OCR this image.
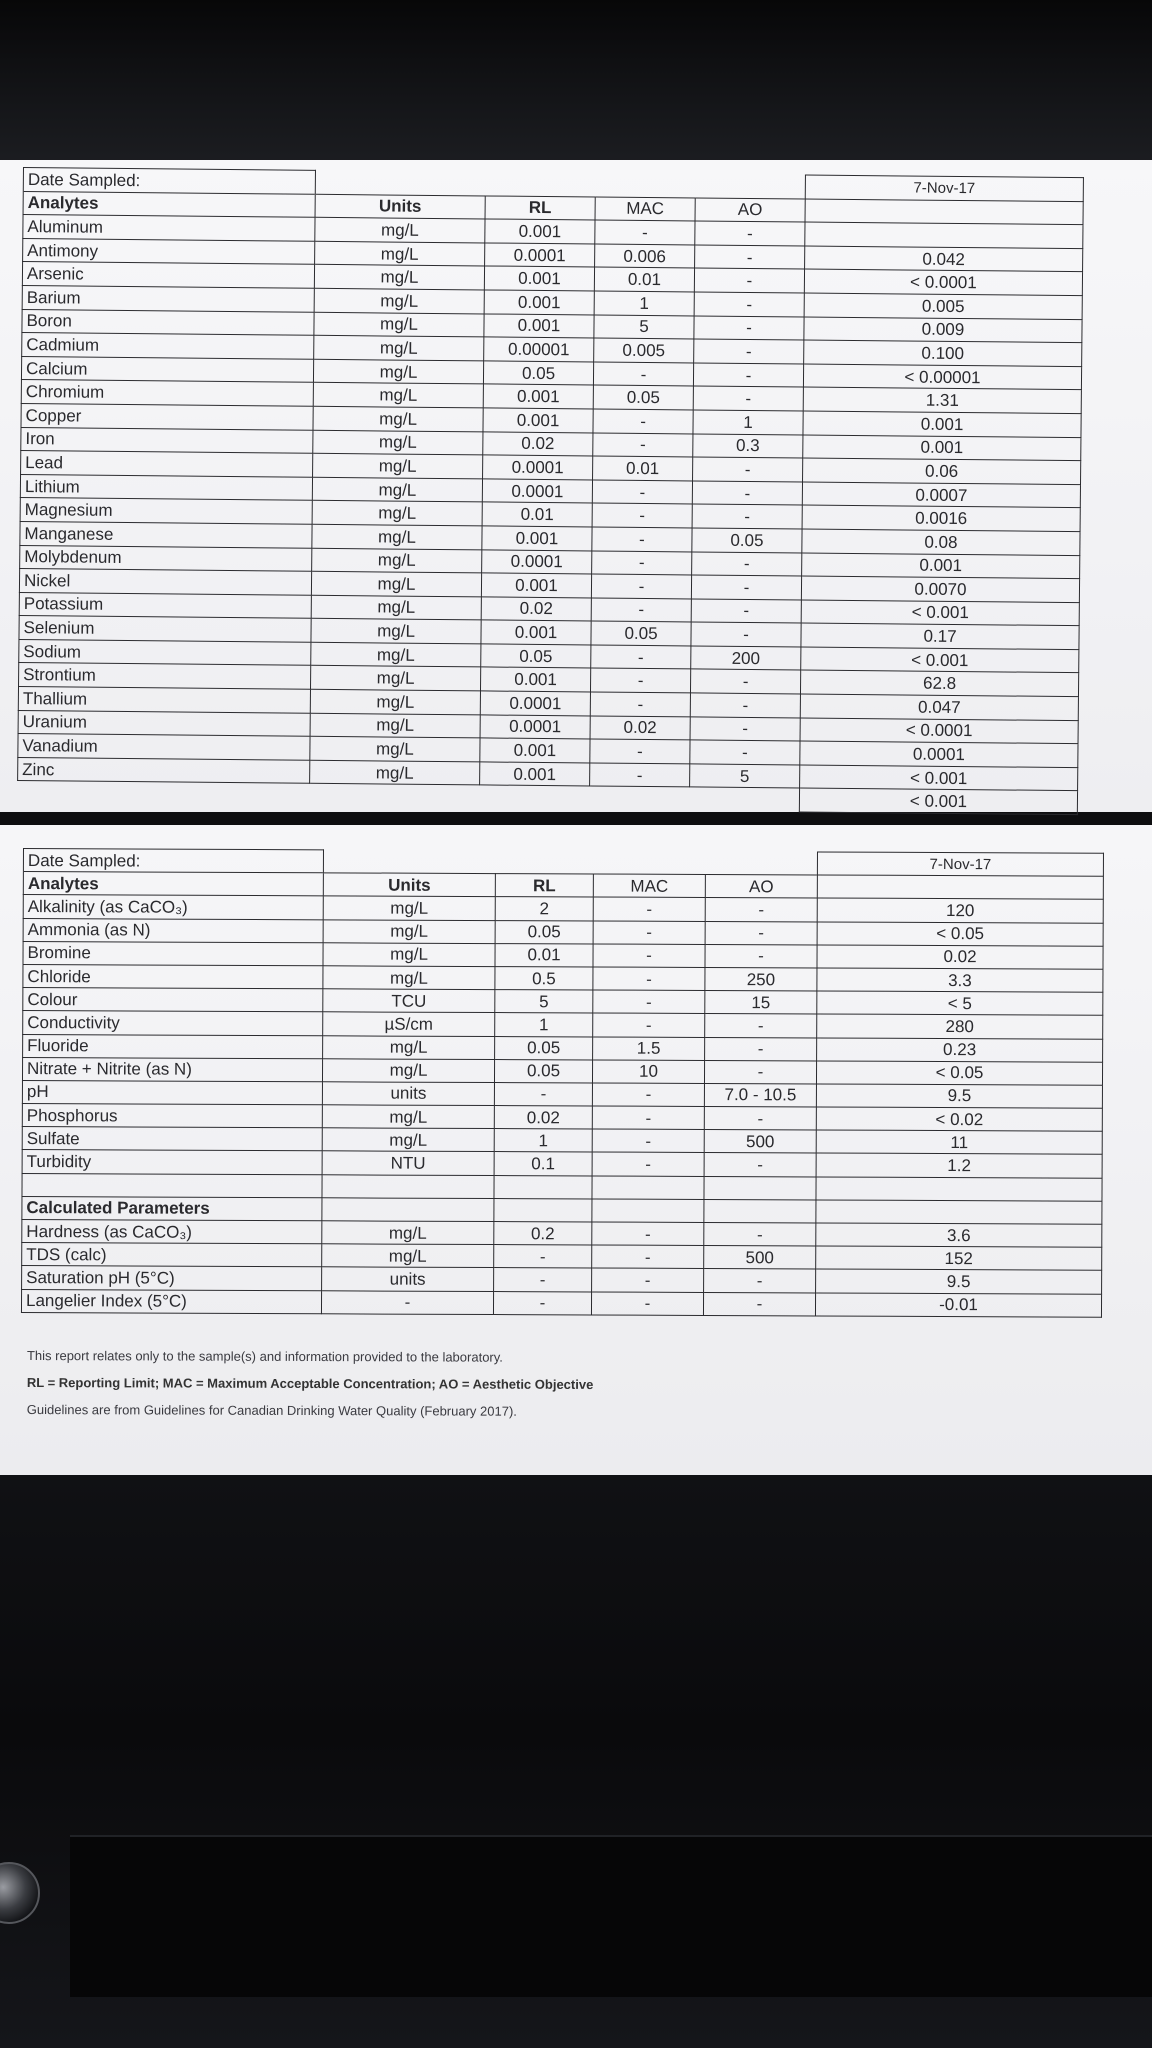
Date Sampled:					7-Nov-17
Analytes	Units	RL	MAC	AO	
Aluminum	mg/L	0.001	-	-	
Antimony	mg/L	0.0001	0.006	-	0.042
Arsenic	mg/L	0.001	0.01	-	< 0.0001
Barium	mg/L	0.001	1	-	0.005
Boron	mg/L	0.001	5	-	0.009
Cadmium	mg/L	0.00001	0.005	-	0.100
Calcium	mg/L	0.05	-	-	< 0.00001
Chromium	mg/L	0.001	0.05	-	1.31
Copper	mg/L	0.001	-	1	0.001
Iron	mg/L	0.02	-	0.3	0.001
Lead	mg/L	0.0001	0.01	-	0.06
Lithium	mg/L	0.0001	-	-	0.0007
Magnesium	mg/L	0.01	-	-	0.0016
Manganese	mg/L	0.001	-	0.05	0.08
Molybdenum	mg/L	0.0001	-	-	0.001
Nickel	mg/L	0.001	-	-	0.0070
Potassium	mg/L	0.02	-	-	< 0.001
Selenium	mg/L	0.001	0.05	-	0.17
Sodium	mg/L	0.05	-	200	< 0.001
Strontium	mg/L	0.001	-	-	62.8
Thallium	mg/L	0.0001	-	-	0.047
Uranium	mg/L	0.0001	0.02	-	< 0.0001
Vanadium	mg/L	0.001	-	-	0.0001
Zinc	mg/L	0.001	-	5	< 0.001
					< 0.001
Date Sampled:					7-Nov-17
Analytes	Units	RL	MAC	AO	
Alkalinity (as CaCO₃)	mg/L	2	-	-	120
Ammonia (as N)	mg/L	0.05	-	-	< 0.05
Bromine	mg/L	0.01	-	-	0.02
Chloride	mg/L	0.5	-	250	3.3
Colour	TCU	5	-	15	< 5
Conductivity	µS/cm	1	-	-	280
Fluoride	mg/L	0.05	1.5	-	0.23
Nitrate + Nitrite (as N)	mg/L	0.05	10	-	< 0.05
pH	units	-	-	7.0 - 10.5	9.5
Phosphorus	mg/L	0.02	-	-	< 0.02
Sulfate	mg/L	1	-	500	11
Turbidity	NTU	0.1	-	-	1.2

Calculated Parameters					
Hardness (as CaCO₃)	mg/L	0.2	-	-	3.6
TDS (calc)	mg/L	-	-	500	152
Saturation pH (5°C)	units	-	-	-	9.5
Langelier Index (5°C)	-	-	-	-	-0.01
This report relates only to the sample(s) and information provided to the laboratory.
RL = Reporting Limit; MAC = Maximum Acceptable Concentration; AO = Aesthetic Objective
Guidelines are from Guidelines for Canadian Drinking Water Quality (February 2017).
